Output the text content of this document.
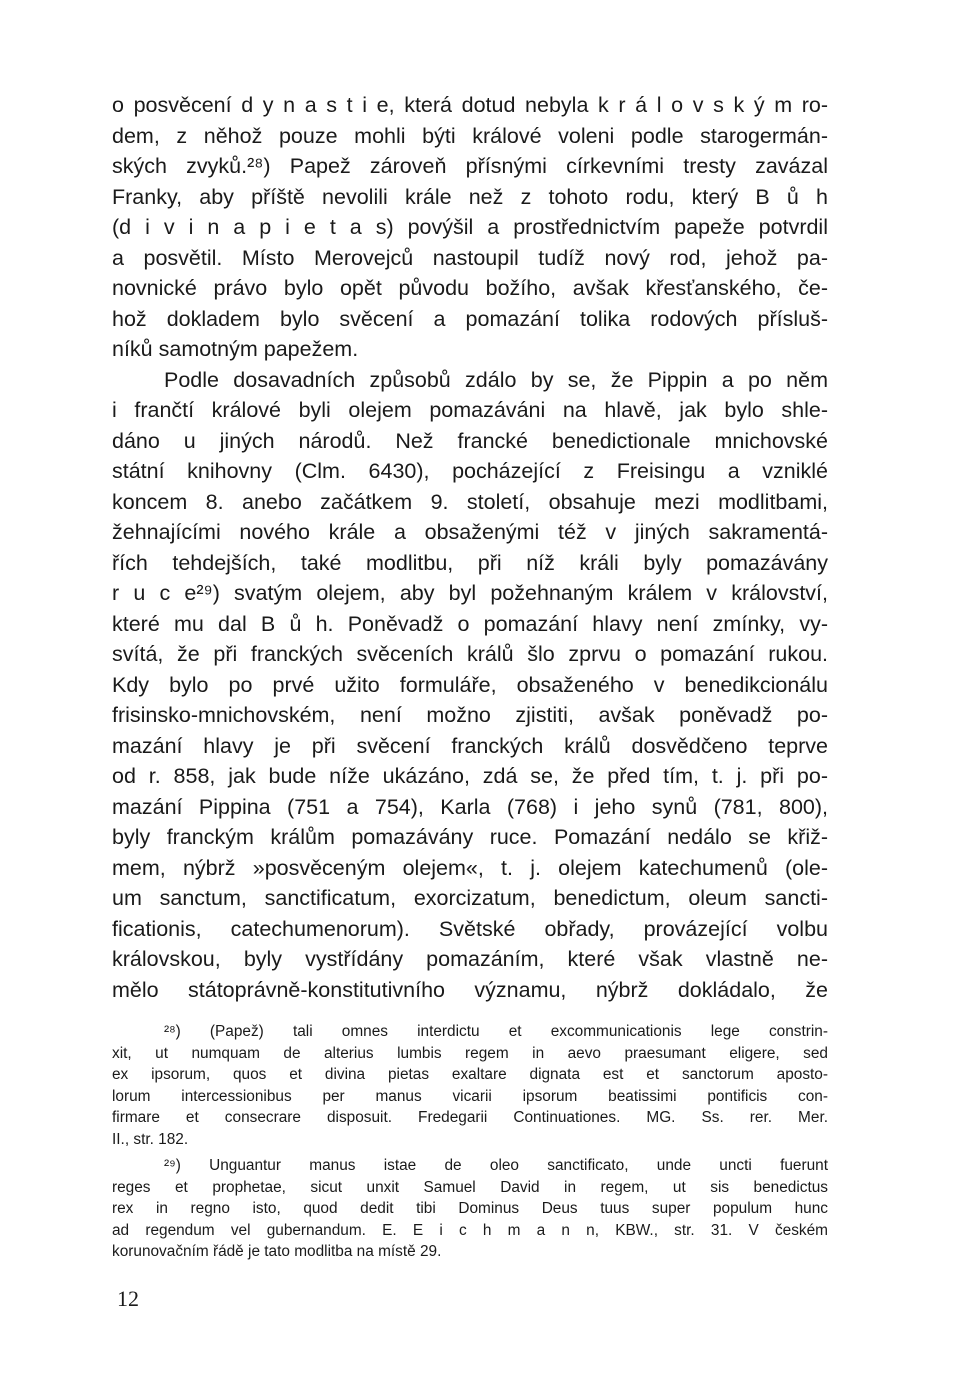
o posvěcení d y n a s t i e, která dotud nebyla k r á l o v s k ý m ro-
dem, z něhož pouze mohli býti králové voleni podle starogermán-
ských zvyků.²⁸) Papež zároveň přísnými církevními tresty zavázal
Franky, aby příště nevolili krále než z tohoto rodu, který B ů h
(d i v i n a p i e t a s) povýšil a prostřednictvím papeže potvrdil
a posvětil. Místo Merovejců nastoupil tudíž nový rod, jehož pa-
novnické právo bylo opět původu božího, avšak křesťanského, če-
hož dokladem bylo svěcení a pomazání tolika rodových přísluš-
níků samotným papežem.
Podle dosavadních způsobů zdálo by se, že Pippin a po něm
i frančtí králové byli olejem pomazáváni na hlavě, jak bylo shle-
dáno u jiných národů. Než francké benedictionale mnichovské
státní knihovny (Clm. 6430), pocházející z Freisingu a vzniklé
koncem 8. anebo začátkem 9. století, obsahuje mezi modlitbami,
žehnajícími nového krále a obsaženými též v jiných sakramentá-
řích tehdejších, také modlitbu, při níž králi byly pomazávány
r u c e²⁹) svatým olejem, aby byl požehnaným králem v království,
které mu dal B ů h. Poněvadž o pomazání hlavy není zmínky, vy-
svítá, že při franckých svěceních králů šlo zprvu o pomazání rukou.
Kdy bylo po prvé užito formuláře, obsaženého v benedikcionálu
frisinsko-mnichovském, není možno zjistiti, avšak poněvadž po-
mazání hlavy je při svěcení franckých králů dosvědčeno teprve
od r. 858, jak bude níže ukázáno, zdá se, že před tím, t. j. při po-
mazání Pippina (751 a 754), Karla (768) i jeho synů (781, 800),
byly franckým králům pomazávány ruce. Pomazání nedálo se křiž-
mem, nýbrž »posvěceným olejem«, t. j. olejem katechumenů (ole-
um sanctum, sanctificatum, exorcizatum, benedictum, oleum sancti-
ficationis, catechumenorum). Světské obřady, provázející volbu
královskou, byly vystřídány pomazáním, které však vlastně ne-
mělo státoprávně-konstitutivního významu, nýbrž dokládalo, že
²⁸) (Papež) tali omnes interdictu et excommunicationis lege constrin-
xit, ut numquam de alterius lumbis regem in aevo praesumant eligere, sed
ex ipsorum, quos et divina pietas exaltare dignata est et sanctorum aposto-
lorum intercessionibus per manus vicarii ipsorum beatissimi pontificis con-
firmare et consecrare disposuit. Fredegarii Continuationes. MG. Ss. rer. Mer.
II., str. 182.
²⁹) Unguantur manus istae de oleo sanctificato, unde uncti fuerunt
reges et prophetae, sicut unxit Samuel David in regem, ut sis benedictus
rex in regno isto, quod dedit tibi Dominus Deus tuus super populum hunc
ad regendum vel gubernandum. E. E i c h m a n n, KBW., str. 31. V českém
korunovačním řádě je tato modlitba na místě 29.
12
